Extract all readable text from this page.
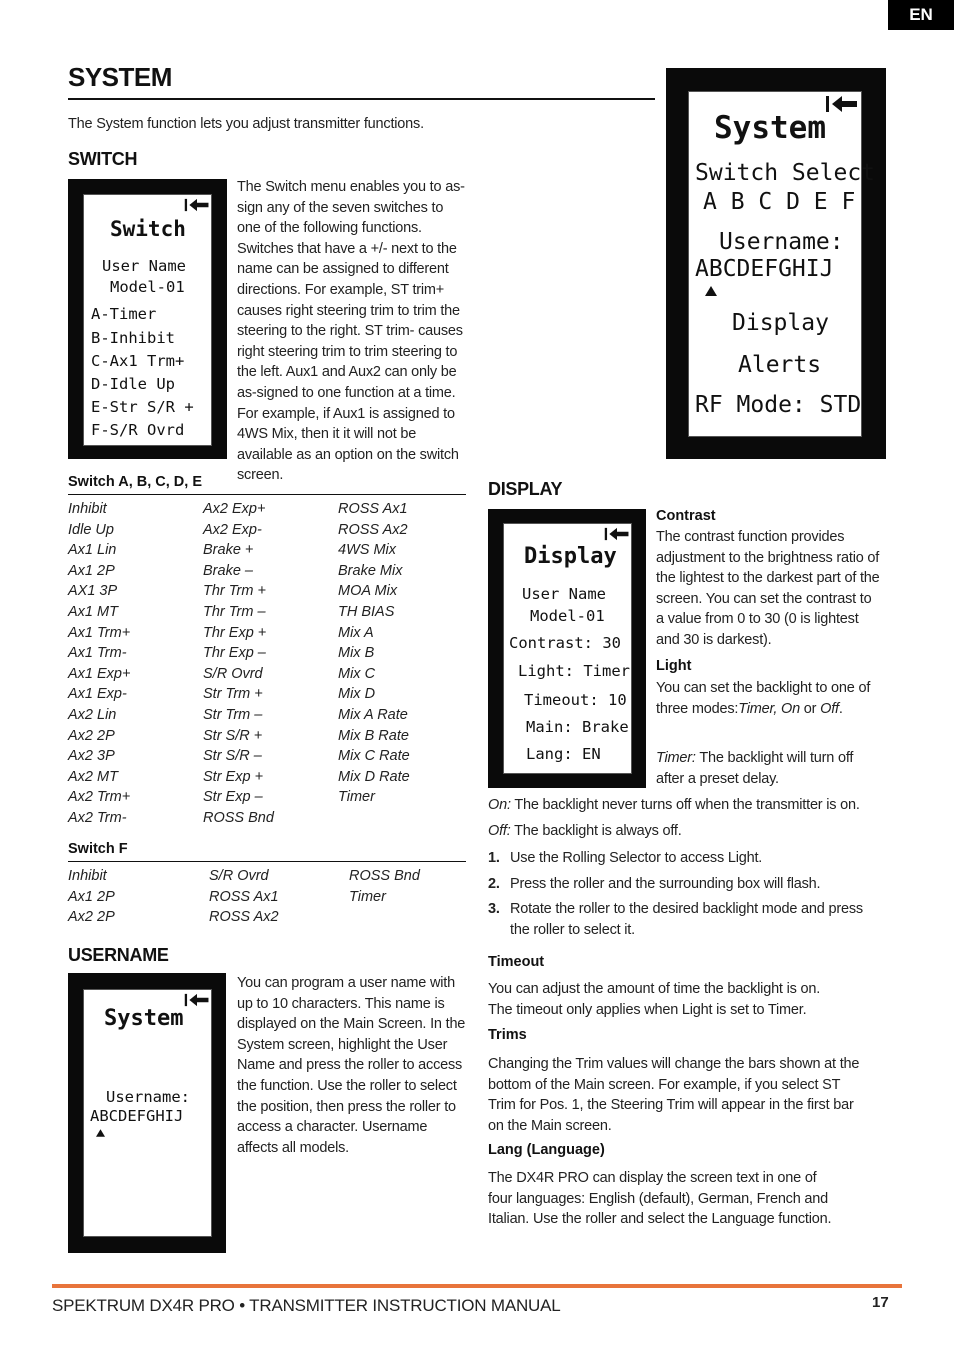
EN
SYSTEM
The System function lets you adjust transmitter functions.	System
Switch Select
A B C D E F
Username:
ABCDEFGHIJ
Display
Alerts
RF Mode: STD
SWITCH
Switch
User Name
Model-01
A-Timer
B-Inhibit
C-Ax1 Trm+
D-Idle Up
E-Str S/R +
F-S/R Ovrd
The Switch menu enables you to as-sign any of the seven switches to one of the following functions. Switches that have a +/- next to the name can be assigned to different directions. For example, ST trim+ causes right steering trim to trim the steering to the right. ST trim- causes right steering trim to trim steering to the left. Aux1 and Aux2 can only be as-signed to one function at a time. For example, if Aux1 is assigned to 4WS Mix, then it it will not be available as an option on the switch screen.
Switch A, B, C, D, E
Inhibit
Idle Up
Ax1 Lin
Ax1 2P
AX1 3P
Ax1 MT
Ax1 Trm+
Ax1 Trm-
Ax1 Exp+
Ax1 Exp-
Ax2 Lin
Ax2 2P
Ax2 3P
Ax2 MT
Ax2 Trm+
Ax2 Trm-
Ax2 Exp+
Ax2 Exp-
Brake +
Brake –
Thr Trm +
Thr Trm –
Thr Exp +
Thr Exp –
S/R Ovrd
Str Trm +
Str Trm –
Str S/R +
Str S/R –
Str Exp +
Str Exp –
ROSS Bnd
ROSS Ax1
ROSS Ax2
4WS Mix
Brake Mix
MOA Mix
TH BIAS
Mix A
Mix B
Mix C
Mix D
Mix A Rate
Mix B Rate
Mix C Rate
Mix D Rate
Timer
Switch F
Inhibit
Ax1 2P
Ax2 2P
S/R Ovrd
ROSS Ax1
ROSS Ax2
ROSS Bnd
Timer
USERNAME
System
Username:
ABCDEFGHIJ
You can program a user name with up to 10 characters. This name is displayed on the Main Screen. In the System screen, highlight the User Name and press the roller to access the function. Use the roller to select the position, then press the roller to access a character. Username affects all models.
DISPLAY
Display
User Name
Model-01
Contrast: 30
Light: Timer
Timeout: 10
Main: Brake
Lang: EN
Contrast
The contrast function provides adjustment to the brightness ratio of the lightest to the darkest part of the screen. You can set the contrast to a value from 0 to 30 (0 is lightest and 30 is darkest).
Light
You can set the backlight to one of three modes:Timer, On or Off.
Timer: The backlight will turn off after a preset delay.
On: The backlight never turns off when the transmitter is on.
Off: The backlight is always off.
1. Use the Rolling Selector to access Light.
2. Press the roller and the surrounding box will flash.
3. Rotate the roller to the desired backlight mode and press the roller to select it.
Timeout
You can adjust the amount of time the backlight is on. The timeout only applies when Light is set to Timer.
Trims
Changing the Trim values will change the bars shown at the bottom of the Main screen. For example, if you select ST Trim for Pos. 1, the Steering Trim will appear in the first bar on the Main screen.
Lang (Language)
The DX4R PRO can display the screen text in one of four languages: English (default), German, French and Italian. Use the roller and select the Language function.
SPEKTRUM DX4R PRO • TRANSMITTER INSTRUCTION MANUAL	17
